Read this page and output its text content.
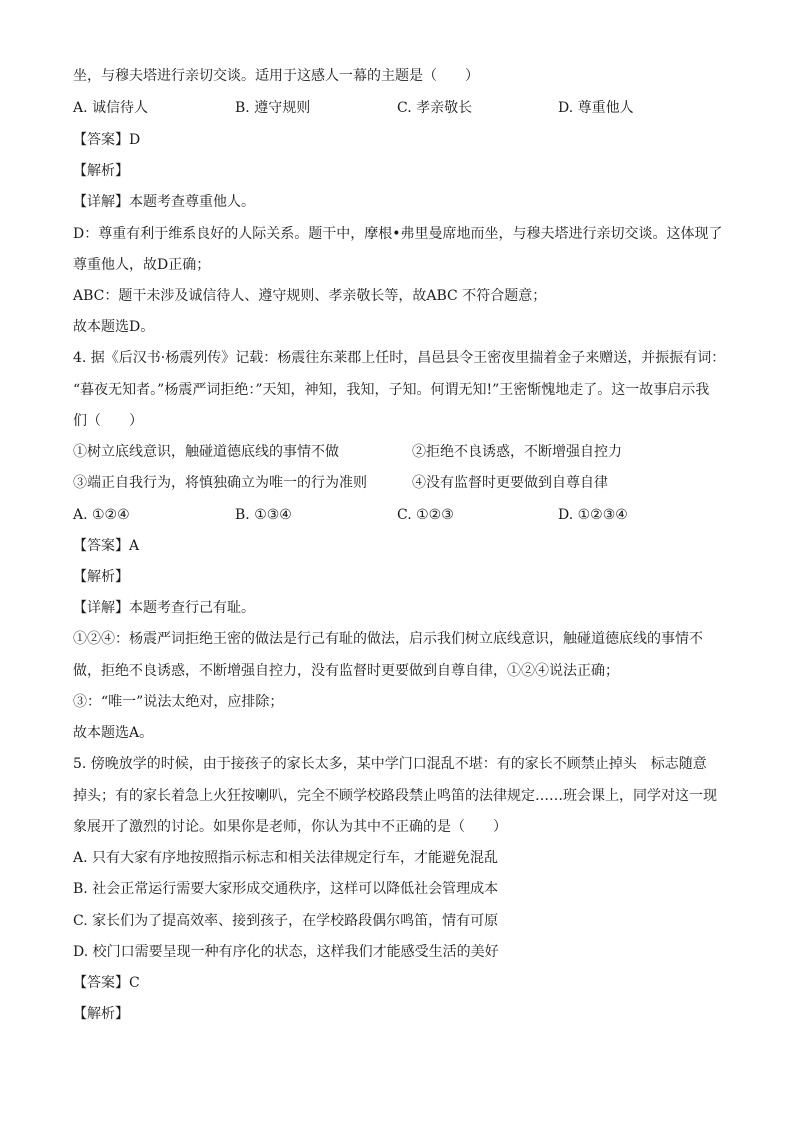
坐，与穆夫塔进行亲切交谈。适用于这感人一幕的主题是（　　）
A. 诚信待人	B. 遵守规则	C. 孝亲敬长	D. 尊重他人
【答案】D
【解析】
【详解】本题考查尊重他人。
D：尊重有利于维系良好的人际关系。题干中，摩根•弗里曼席地而坐，与穆夫塔进行亲切交谈。这体现了
尊重他人，故D正确；
ABC：题干未涉及诚信待人、遵守规则、孝亲敬长等，故ABC 不符合题意；
故本题选D。
4. 据《后汉书·杨震列传》记载：杨震往东莱郡上任时，昌邑县令王密夜里揣着金子来赠送，并振振有词：
“暮夜无知者。”杨震严词拒绝：”天知，神知，我知，子知。何谓无知!”王密惭愧地走了。这一故事启示我
们（　　）
①树立底线意识，触碰道德底线的事情不做	②拒绝不良诱惑，不断增强自控力
③端正自我行为，将慎独确立为唯一的行为准则	④没有监督时更要做到自尊自律
A. ①②④	B. ①③④	C. ①②③	D. ①②③④
【答案】A
【解析】
【详解】本题考查行己有耻。
①②④：杨震严词拒绝王密的做法是行己有耻的做法，启示我们树立底线意识，触碰道德底线的事情不
做，拒绝不良诱惑，不断增强自控力，没有监督时更要做到自尊自律，①②④说法正确；
③：“唯一”说法太绝对，应排除；
故本题选A。
5. 傍晚放学的时候，由于接孩子的家长太多，某中学门口混乱不堪：有的家长不顾禁止掉头　标志随意
掉头；有的家长着急上火狂按喇叭，完全不顾学校路段禁止鸣笛的法律规定……班会课上，同学对这一现
象展开了激烈的讨论。如果你是老师，你认为其中不正确的是（　　）
A. 只有大家有序地按照指示标志和相关法律规定行车，才能避免混乱
B. 社会正常运行需要大家形成交通秩序，这样可以降低社会管理成本
C. 家长们为了提高效率、接到孩子，在学校路段偶尔鸣笛，情有可原
D. 校门口需要呈现一种有序化的状态，这样我们才能感受生活的美好
【答案】C
【解析】
